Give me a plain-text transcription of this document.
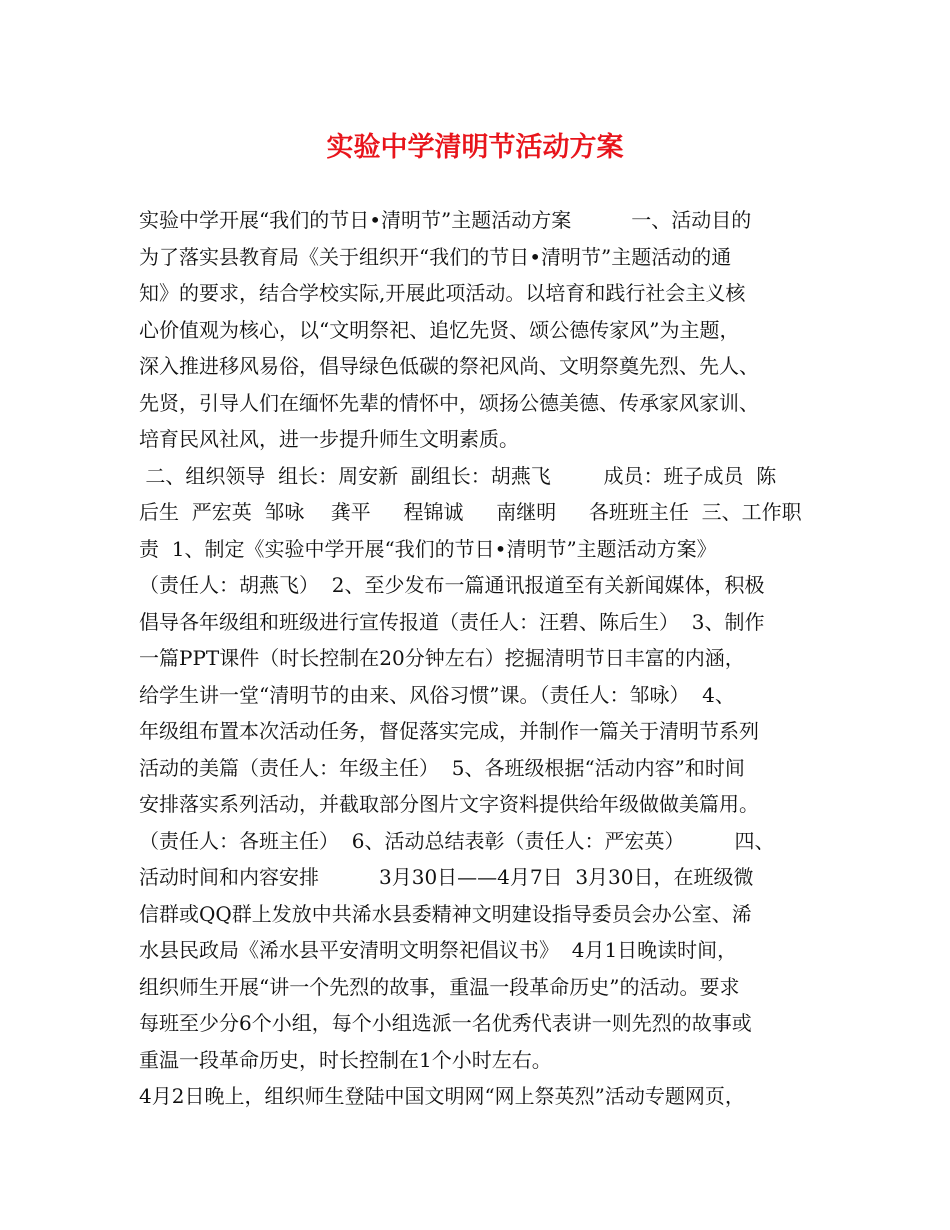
实验中学清明节活动方案
实验中学开展“我们的节日•清明节”主题活动方案　　　一、活动目的
为了落实县教育局《关于组织开“我们的节日•清明节”主题活动的通
知》的要求，结合学校实际,开展此项活动。以培育和践行社会主义核
心价值观为核心，以“文明祭祀、追忆先贤、颂公德传家风”为主题，
深入推进移风易俗，倡导绿色低碳的祭祀风尚、文明祭奠先烈、先人、
先贤，引导人们在缅怀先辈的情怀中，颂扬公德美德、传承家风家训、
培育民风社风，进一步提升师生文明素质。
二、组织领导  组长：周安新  副组长：胡燕飞　　  成员：班子成员  陈
后生  严宏英  邹咏　 龚平 　 程锦诚 　 南继明 　 各班班主任  三、工作职
责  1、制定《实验中学开展“我们的节日•清明节”主题活动方案》
（责任人：胡燕飞）  2、至少发布一篇通讯报道至有关新闻媒体，积极
倡导各年级组和班级进行宣传报道（责任人：汪碧、陈后生）  3、制作
一篇PPT课件（时长控制在20分钟左右）挖掘清明节日丰富的内涵，
给学生讲一堂“清明节的由来、风俗习惯”课。（责任人：邹咏）  4、
年级组布置本次活动任务，督促落实完成，并制作一篇关于清明节系列
活动的美篇（责任人：年级主任）  5、各班级根据“活动内容”和时间
安排落实系列活动，并截取部分图片文字资料提供给年级做做美篇用。
（责任人：各班主任）  6、活动总结表彰（责任人：严宏英）　　　四、
活动时间和内容安排　　　3月30日——4月7日  3月30日，在班级微
信群或QQ群上发放中共浠水县委精神文明建设指导委员会办公室、浠
水县民政局《浠水县平安清明文明祭祀倡议书》  4月1日晚读时间，
组织师生开展“讲一个先烈的故事，重温一段革命历史”的活动。要求
每班至少分6个小组，每个小组选派一名优秀代表讲一则先烈的故事或
重温一段革命历史，时长控制在1个小时左右。
4月2日晚上，组织师生登陆中国文明网“网上祭英烈”活动专题网页，
